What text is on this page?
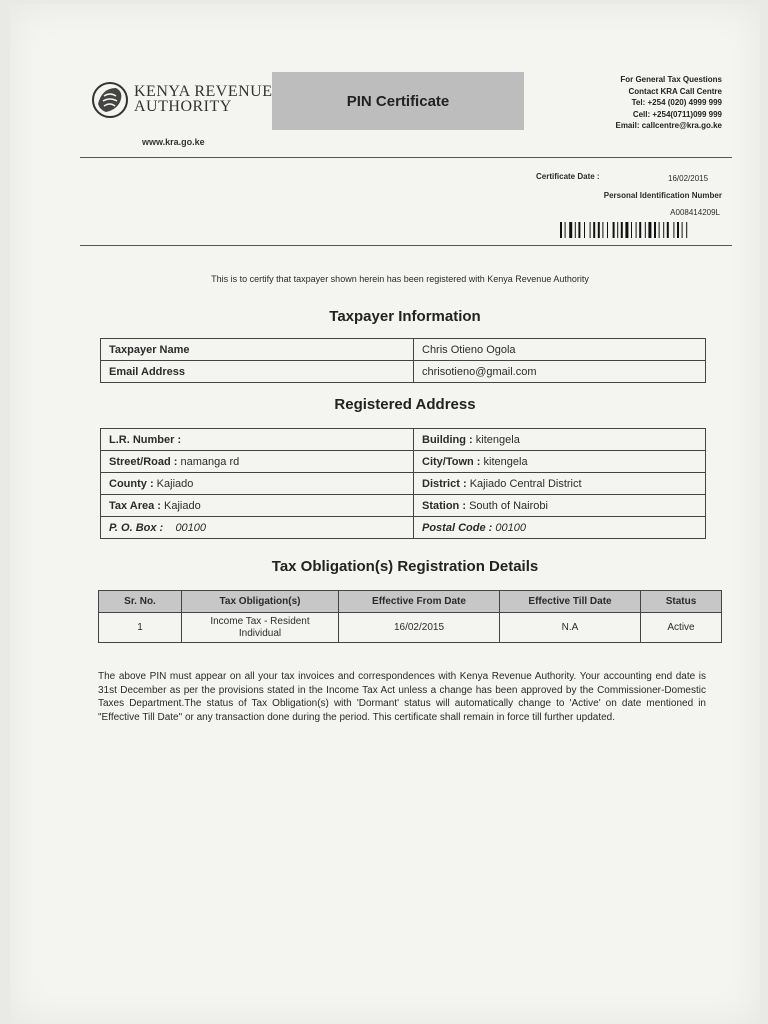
KENYA REVENUE
AUTHORITY
www.kra.go.ke
PIN Certificate
For General Tax Questions
Contact KRA Call Centre
Tel: +254 (020) 4999 999
Cell: +254(0711)099 999
Email: callcentre@kra.go.ke
Certificate Date :	16/02/2015
Personal Identification Number
A008414209L
This is to certify that taxpayer shown herein has been registered with Kenya Revenue Authority
Taxpayer Information
Taxpayer Name	Chris Otieno Ogola
Email Address	chrisotieno@gmail.com
Registered Address
L.R. Number :	Building : kitengela
Street/Road : namanga rd	City/Town : kitengela
County : Kajiado	District : Kajiado Central District
Tax Area : Kajiado	Station : South of Nairobi
P. O. Box : 00100	Postal Code : 00100
Tax Obligation(s) Registration Details
Sr. No.	Tax Obligation(s)	Effective From Date	Effective Till Date	Status
1	Income Tax - Resident Individual	16/02/2015	N.A	Active
The above PIN must appear on all your tax invoices and correspondences with Kenya Revenue Authority. Your accounting end date is 31st December as per the provisions stated in the Income Tax Act unless a change has been approved by the Commissioner-Domestic Taxes Department.The status of Tax Obligation(s) with 'Dormant' status will automatically change to 'Active' on date mentioned in "Effective Till Date" or any transaction done during the period. This certificate shall remain in force till further updated.
